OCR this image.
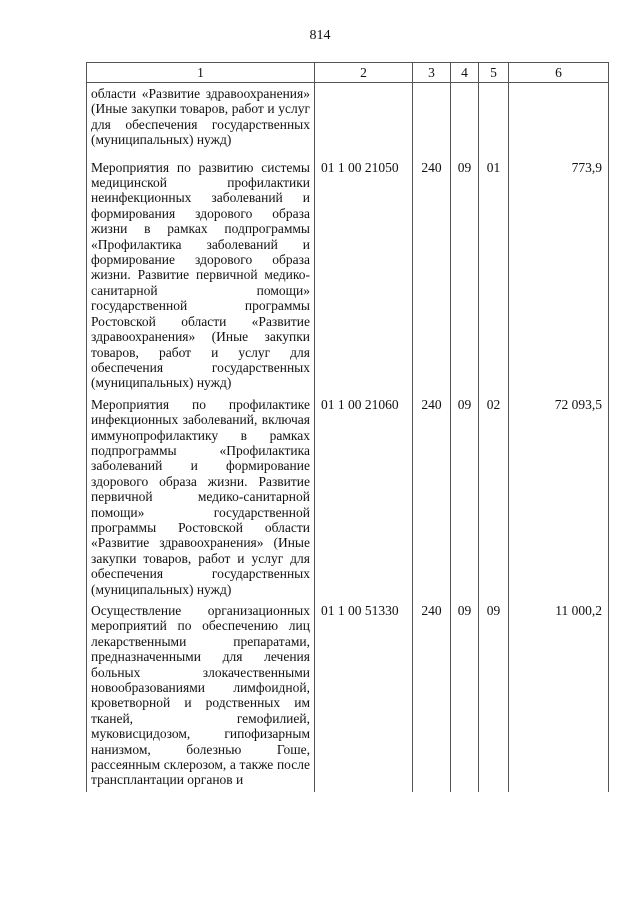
814
1	2	3	4	5	6
области «Развитие здравоохранения» (Иные закупки товаров, работ и услуг для обеспечения государственных (муниципальных) нужд)					
Мероприятия по развитию системы медицинской профилактики неинфекционных заболеваний и формирования здорового образа жизни в рамках подпрограммы «Профилактика заболеваний и формирование здорового образа жизни. Развитие первичной медико-санитарной помощи» государственной программы Ростовской области «Развитие здравоохранения» (Иные закупки товаров, работ и услуг для обеспечения государственных (муниципальных) нужд)	01 1 00 21050	240	09	01	773,9
Мероприятия по профилактике инфекционных заболеваний, включая иммунопрофилактику в рамках подпрограммы «Профилактика заболеваний и формирование здорового образа жизни. Развитие первичной медико-санитарной помощи» государственной программы Ростовской области «Развитие здравоохранения» (Иные закупки товаров, работ и услуг для обеспечения государственных (муниципальных) нужд)	01 1 00 21060	240	09	02	72 093,5
Осуществление организационных мероприятий по обеспечению лиц лекарственными препаратами, предназначенными для лечения больных злокачественными новообразованиями лимфоидной, кроветворной и родственных им тканей, гемофилией, муковисцидозом, гипофизарным нанизмом, болезнью Гоше, рассеянным склерозом, а также после трансплантации органов и	01 1 00 51330	240	09	09	11 000,2
